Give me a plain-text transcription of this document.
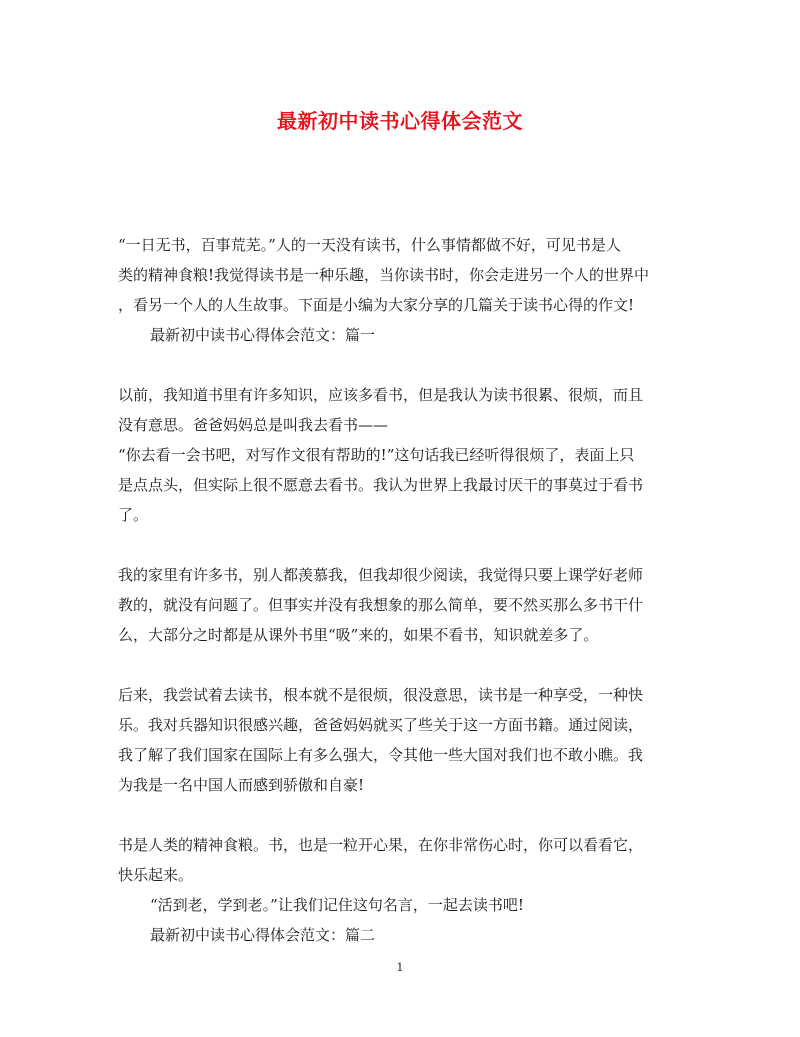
最新初中读书心得体会范文
“一日无书，百事荒芜。”人的一天没有读书，什么事情都做不好，可见书是人
类的精神食粮!我觉得读书是一种乐趣，当你读书时，你会走进另一个人的世界中
，看另一个人的人生故事。下面是小编为大家分享的几篇关于读书心得的作文!
最新初中读书心得体会范文：篇一
以前，我知道书里有许多知识，应该多看书，但是我认为读书很累、很烦，而且
没有意思。爸爸妈妈总是叫我去看书——
“你去看一会书吧，对写作文很有帮助的!”这句话我已经听得很烦了，表面上只
是点点头，但实际上很不愿意去看书。我认为世界上我最讨厌干的事莫过于看书
了。
我的家里有许多书，别人都羡慕我，但我却很少阅读，我觉得只要上课学好老师
教的，就没有问题了。但事实并没有我想象的那么简单，要不然买那么多书干什
么，大部分之时都是从课外书里“吸”来的，如果不看书，知识就差多了。
后来，我尝试着去读书，根本就不是很烦，很没意思，读书是一种享受，一种快
乐。我对兵器知识很感兴趣，爸爸妈妈就买了些关于这一方面书籍。通过阅读，
我了解了我们国家在国际上有多么强大，令其他一些大国对我们也不敢小瞧。我
为我是一名中国人而感到骄傲和自豪!
书是人类的精神食粮。书，也是一粒开心果，在你非常伤心时，你可以看看它，
快乐起来。
“活到老，学到老。”让我们记住这句名言，一起去读书吧!
最新初中读书心得体会范文：篇二
1
